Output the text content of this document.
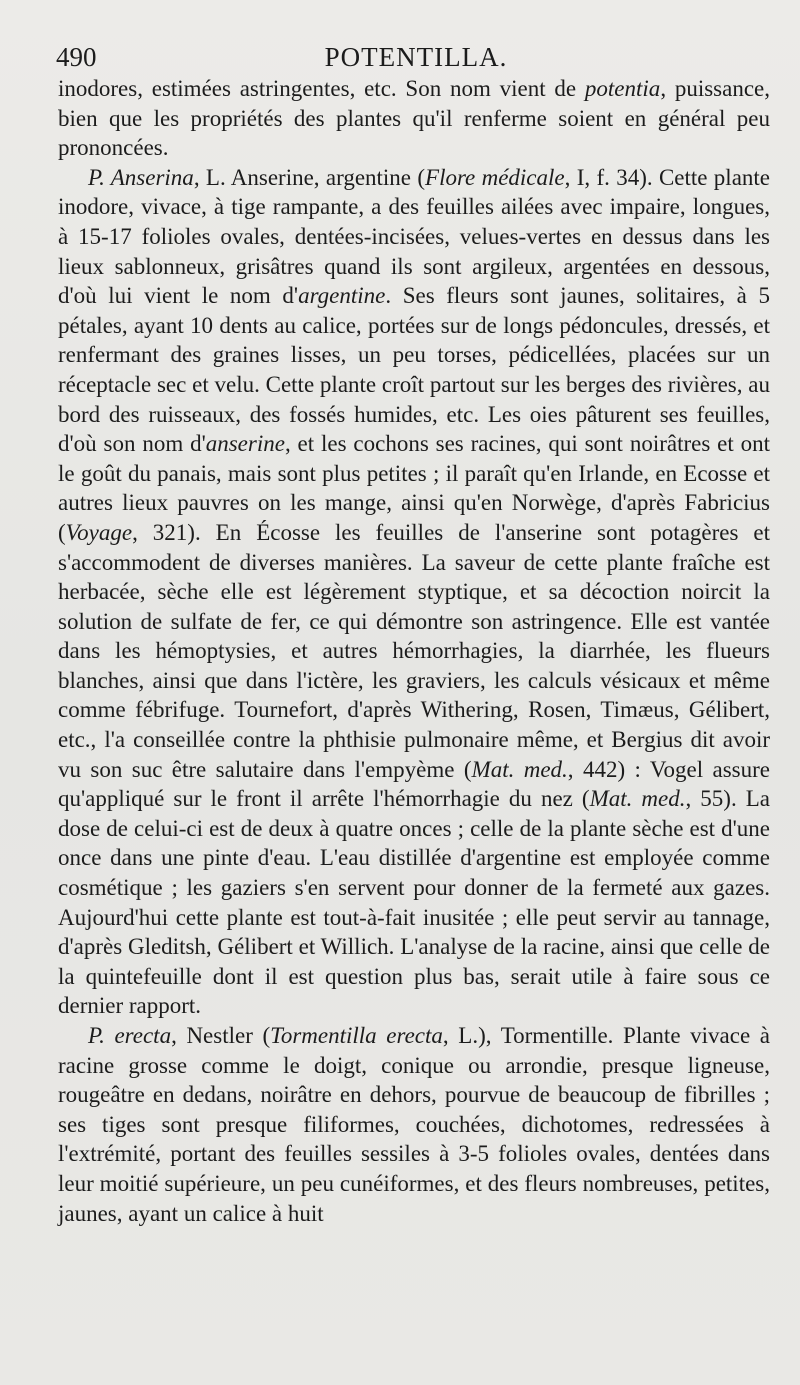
490	POTENTILLA.

inodores, estimées astringentes, etc. Son nom vient de potentia, puissance, bien que les propriétés des plantes qu'il renferme soient en général peu prononcées.

P. Anserina, L. Anserine, argentine (Flore médicale, I, f. 34). Cette plante inodore, vivace, à tige rampante, a des feuilles ailées avec impaire, longues, à 15-17 folioles ovales, dentées-incisées, velues-vertes en dessus dans les lieux sablonneux, grisâtres quand ils sont argileux, argentées en dessous, d'où lui vient le nom d'argentine. Ses fleurs sont jaunes, solitaires, à 5 pétales, ayant 10 dents au calice, portées sur de longs pédoncules, dressés, et renfermant des graines lisses, un peu torses, pédicellées, placées sur un réceptacle sec et velu. Cette plante croît partout sur les berges des rivières, au bord des ruisseaux, des fossés humides, etc. Les oies pâturent ses feuilles, d'où son nom d'anserine, et les cochons ses racines, qui sont noirâtres et ont le goût du panais, mais sont plus petites ; il paraît qu'en Irlande, en Ecosse et autres lieux pauvres on les mange, ainsi qu'en Norwège, d'après Fabricius (Voyage, 321). En Écosse les feuilles de l'anserine sont potagères et s'accommodent de diverses manières. La saveur de cette plante fraîche est herbacée, sèche elle est légèrement styptique, et sa décoction noircit la solution de sulfate de fer, ce qui démontre son astringence. Elle est vantée dans les hémoptysies, et autres hémorrhagies, la diarrhée, les flueurs blanches, ainsi que dans l'ictère, les graviers, les calculs vésicaux et même comme fébrifuge. Tournefort, d'après Withering, Rosen, Timæus, Gélibert, etc., l'a conseillée contre la phthisie pulmonaire même, et Bergius dit avoir vu son suc être salutaire dans l'empyème (Mat. med., 442) : Vogel assure qu'appliqué sur le front il arrête l'hémorrhagie du nez (Mat. med., 55). La dose de celui-ci est de deux à quatre onces ; celle de la plante sèche est d'une once dans une pinte d'eau. L'eau distillée d'argentine est employée comme cosmétique ; les gaziers s'en servent pour donner de la fermeté aux gazes. Aujourd'hui cette plante est tout-à-fait inusitée ; elle peut servir au tannage, d'après Gleditsh, Gélibert et Willich. L'analyse de la racine, ainsi que celle de la quintefeuille dont il est question plus bas, serait utile à faire sous ce dernier rapport.

P. erecta, Nestler (Tormentilla erecta, L.), Tormentille. Plante vivace à racine grosse comme le doigt, conique ou arrondie, presque ligneuse, rougeâtre en dedans, noirâtre en dehors, pourvue de beaucoup de fibrilles ; ses tiges sont presque filiformes, couchées, dichotomes, redressées à l'extrémité, portant des feuilles sessiles à 3-5 folioles ovales, dentées dans leur moitié supérieure, un peu cunéiformes, et des fleurs nombreuses, petites, jaunes, ayant un calice à huit
